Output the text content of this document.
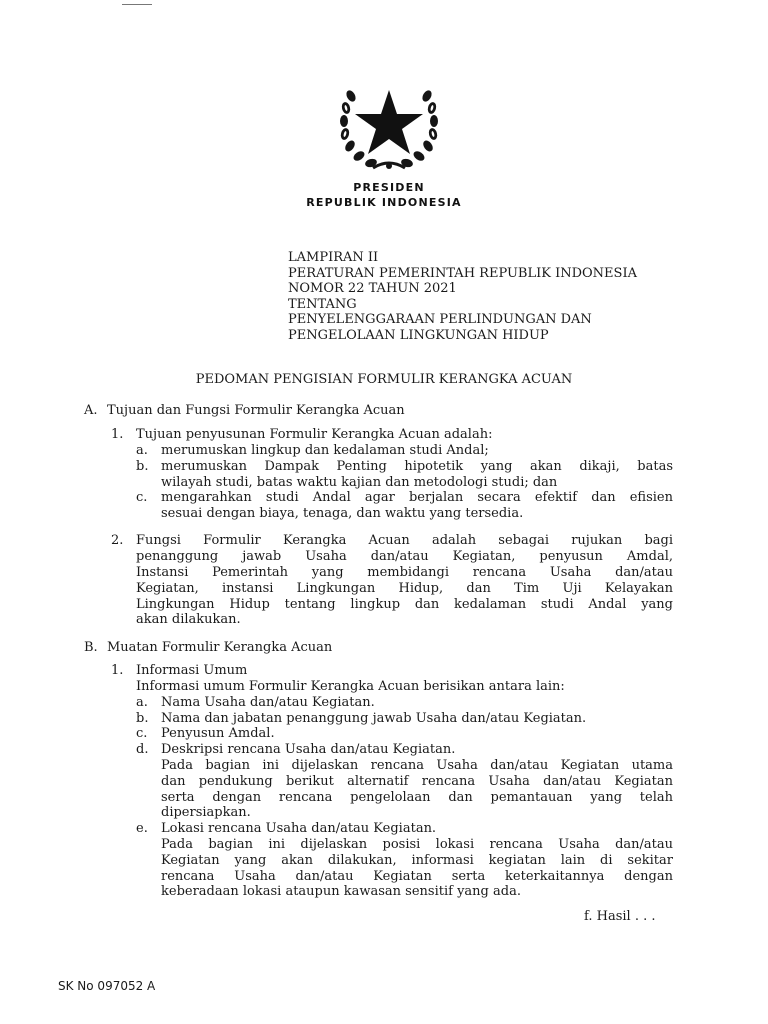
PRESIDEN
REPUBLIK INDONESIA
LAMPIRAN II
PERATURAN PEMERINTAH REPUBLIK INDONESIA
NOMOR 22 TAHUN 2021
TENTANG
PENYELENGGARAAN PERLINDUNGAN DAN
PENGELOLAAN LINGKUNGAN HIDUP
PEDOMAN PENGISIAN FORMULIR KERANGKA ACUAN
A. Tujuan dan Fungsi Formulir Kerangka Acuan
1. Tujuan penyusunan Formulir Kerangka Acuan adalah:
a. merumuskan lingkup dan kedalaman studi Andal;
b. merumuskan Dampak Penting hipotetik yang akan dikaji, batas
wilayah studi, batas waktu kajian dan metodologi studi; dan
c. mengarahkan studi Andal agar berjalan secara efektif dan efisien
sesuai dengan biaya, tenaga, dan waktu yang tersedia.
2. Fungsi Formulir Kerangka Acuan adalah sebagai rujukan bagi
penanggung jawab Usaha dan/atau Kegiatan, penyusun Amdal,
Instansi Pemerintah yang membidangi rencana Usaha dan/atau
Kegiatan, instansi Lingkungan Hidup, dan Tim Uji Kelayakan
Lingkungan Hidup tentang lingkup dan kedalaman studi Andal yang
akan dilakukan.
B. Muatan Formulir Kerangka Acuan
1. Informasi Umum
Informasi umum Formulir Kerangka Acuan berisikan antara lain:
a. Nama Usaha dan/atau Kegiatan.
b. Nama dan jabatan penanggung jawab Usaha dan/atau Kegiatan.
c. Penyusun Amdal.
d. Deskripsi rencana Usaha dan/atau Kegiatan.
Pada bagian ini dijelaskan rencana Usaha dan/atau Kegiatan utama
dan pendukung berikut alternatif rencana Usaha dan/atau Kegiatan
serta dengan rencana pengelolaan dan pemantauan yang telah
dipersiapkan.
e. Lokasi rencana Usaha dan/atau Kegiatan.
Pada bagian ini dijelaskan posisi lokasi rencana Usaha dan/atau
Kegiatan yang akan dilakukan, informasi kegiatan lain di sekitar
rencana Usaha dan/atau Kegiatan serta keterkaitannya dengan
keberadaan lokasi ataupun kawasan sensitif yang ada.
f. Hasil . . .
SK No 097052 A
